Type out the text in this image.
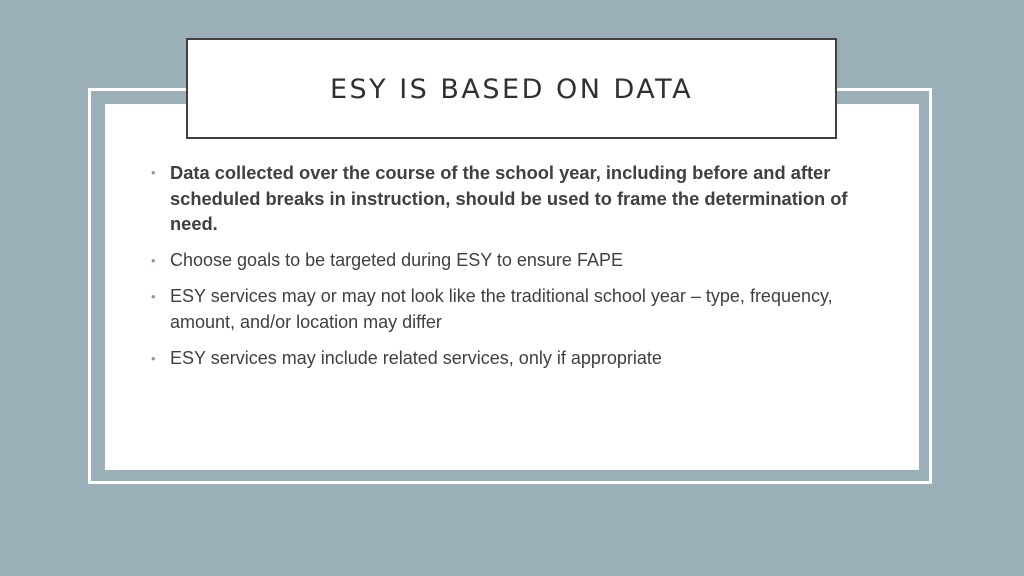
ESY IS BASED ON DATA
• Data collected over the course of the school year, including before and after scheduled breaks in instruction, should be used to frame the determination of need.
• Choose goals to be targeted during ESY to ensure FAPE
• ESY services may or may not look like the traditional school year – type, frequency, amount, and/or location may differ
• ESY services may include related services, only if appropriate
